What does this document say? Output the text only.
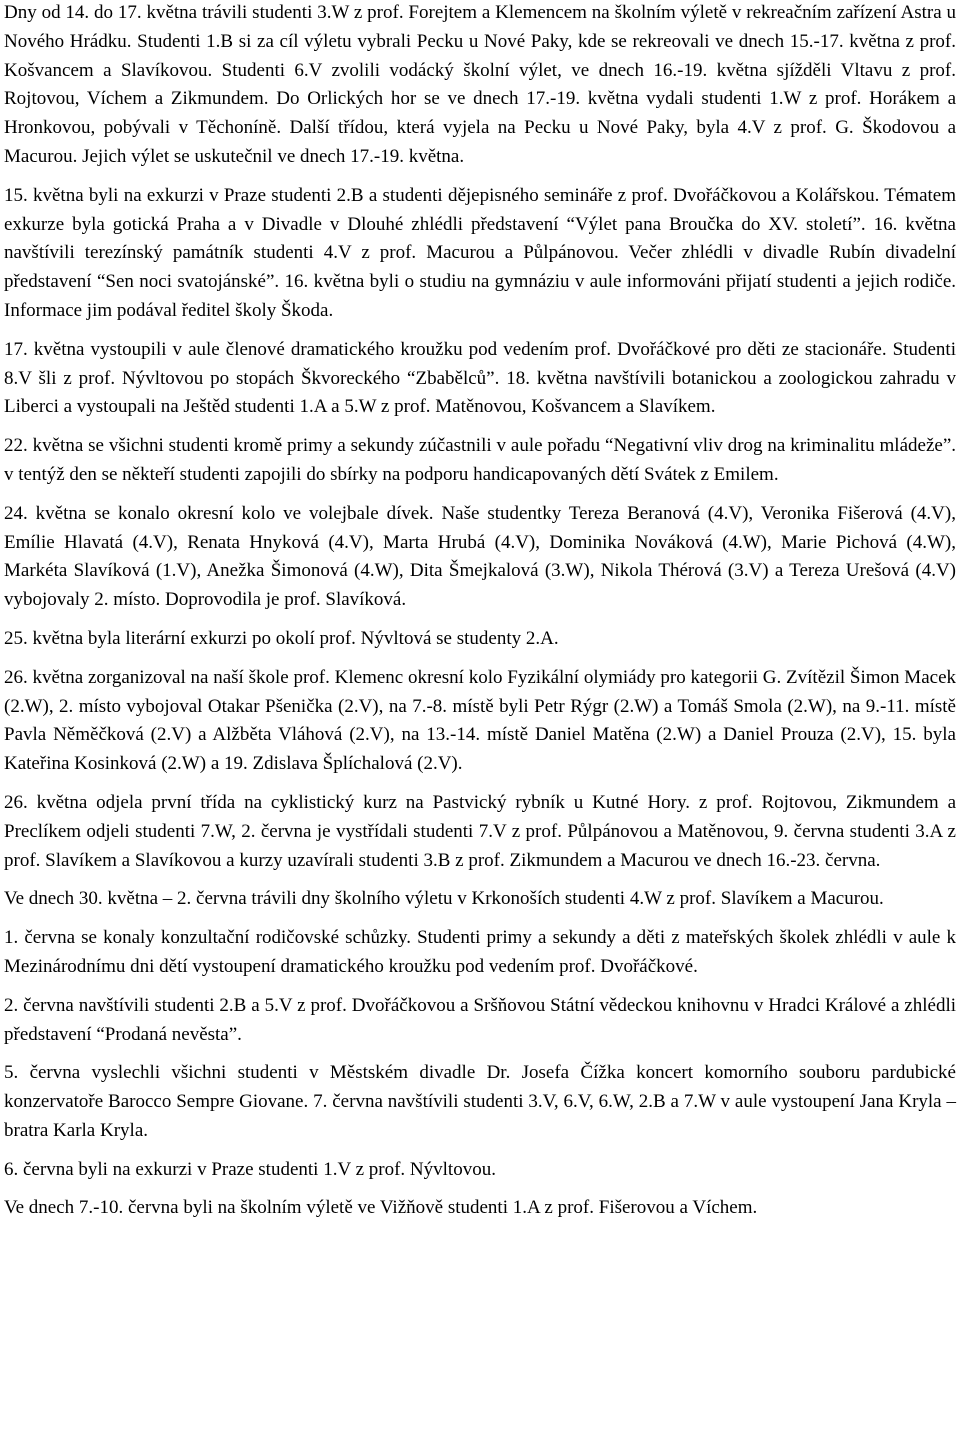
Dny od 14. do 17. května trávili studenti 3.W z prof. Forejtem a Klemencem na školním výletě v rekreačním zařízení Astra u Nového Hrádku. Studenti 1.B si za cíl výletu vybrali Pecku u Nové Paky, kde se rekreovali ve dnech 15.-17. května z prof. Košvancem a Slavíkovou. Studenti 6.V zvolili vodácký školní výlet, ve dnech 16.-19. května sjížděli Vltavu z prof. Rojtovou, Víchem a Zikmundem. Do Orlických hor se ve dnech 17.-19. května vydali studenti 1.W z prof. Horákem a Hronkovou, pobývali v Těchoníně. Další třídou, která vyjela na Pecku u Nové Paky, byla 4.V z prof. G. Škodovou a Macurou. Jejich výlet se uskutečnil ve dnech 17.-19. května.

15. května byli na exkurzi v Praze studenti 2.B a studenti dějepisného semináře z prof. Dvořáčkovou a Kolářskou. Tématem exkurze byla gotická Praha a v Divadle v Dlouhé zhlédli představení “Výlet pana Broučka do XV. století”. 16. května navštívili terezínský památník studenti 4.V z prof. Macurou a Půlpánovou. Večer zhlédli v divadle Rubín divadelní představení “Sen noci svatojánské”. 16. května byli o studiu na gymnáziu v aule informováni přijatí studenti a jejich rodiče. Informace jim podával ředitel školy Škoda.

17. května vystoupili v aule členové dramatického kroužku pod vedením prof. Dvořáčkové pro děti ze stacionáře. Studenti 8.V šli z prof. Nývltovou po stopách Škvoreckého “Zbabělců”. 18. května navštívili botanickou a zoologickou zahradu v Liberci a vystoupali na Ještěd studenti 1.A a 5.W z prof. Matěnovou, Košvancem a Slavíkem.

22. května se všichni studenti kromě primy a sekundy zúčastnili v aule pořadu “Negativní vliv drog na kriminalitu mládeže”. v tentýž den se někteří studenti zapojili do sbírky na podporu handicapovaných dětí Svátek z Emilem.

24. května se konalo okresní kolo ve volejbale dívek. Naše studentky Tereza Beranová (4.V), Veronika Fišerová (4.V), Emílie Hlavatá (4.V), Renata Hnyková (4.V), Marta Hrubá (4.V), Dominika Nováková (4.W), Marie Pichová (4.W), Markéta Slavíková (1.V), Anežka Šimonová (4.W), Dita Šmejkalová (3.W), Nikola Thérová (3.V) a Tereza Urešová (4.V) vybojovaly 2. místo. Doprovodila je prof. Slavíková.

25. května byla literární exkurzi po okolí prof. Nývltová se studenty 2.A.

26. května zorganizoval na naší škole prof. Klemenc okresní kolo Fyzikální olymiády pro kategorii G. Zvítězil Šimon Macek (2.W), 2. místo vybojoval Otakar Pšenička (2.V), na 7.-8. místě byli Petr Rýgr (2.W) a Tomáš Smola (2.W), na 9.-11. místě Pavla Něměčková (2.V) a Alžběta Vláhová (2.V), na 13.-14. místě Daniel Matěna (2.W) a Daniel Prouza (2.V), 15. byla Kateřina Kosinková (2.W) a 19. Zdislava Šplíchalová (2.V).

26. května odjela první třída na cyklistický kurz na Pastvický rybník u Kutné Hory. z prof. Rojtovou, Zikmundem a Preclíkem odjeli studenti 7.W, 2. června je vystřídali studenti 7.V z prof. Půlpánovou a Matěnovou, 9. června studenti 3.A z prof. Slavíkem a Slavíkovou a kurzy uzavírali studenti 3.B z prof. Zikmundem a Macurou ve dnech 16.-23. června.

Ve dnech 30. května – 2. června trávili dny školního výletu v Krkonoších studenti 4.W z prof. Slavíkem a Macurou.

1. června se konaly konzultační rodičovské schůzky. Studenti primy a sekundy a děti z mateřských školek zhlédli v aule k Mezinárodnímu dni dětí vystoupení dramatického kroužku pod vedením prof. Dvořáčkové.

2. června navštívili studenti 2.B a 5.V z prof. Dvořáčkovou a Sršňovou Státní vědeckou knihovnu v Hradci Králové a zhlédli představení “Prodaná nevěsta”.

5. června vyslechli všichni studenti v Městském divadle Dr. Josefa Čížka koncert komorního souboru pardubické konzervatoře Barocco Sempre Giovane. 7. června navštívili studenti 3.V, 6.V, 6.W, 2.B a 7.W v aule vystoupení Jana Kryla – bratra Karla Kryla.

6. června byli na exkurzi v Praze studenti 1.V z prof. Nývltovou.

Ve dnech 7.-10. června byli na školním výletě ve Vižňově studenti 1.A z prof. Fišerovou a Víchem.
